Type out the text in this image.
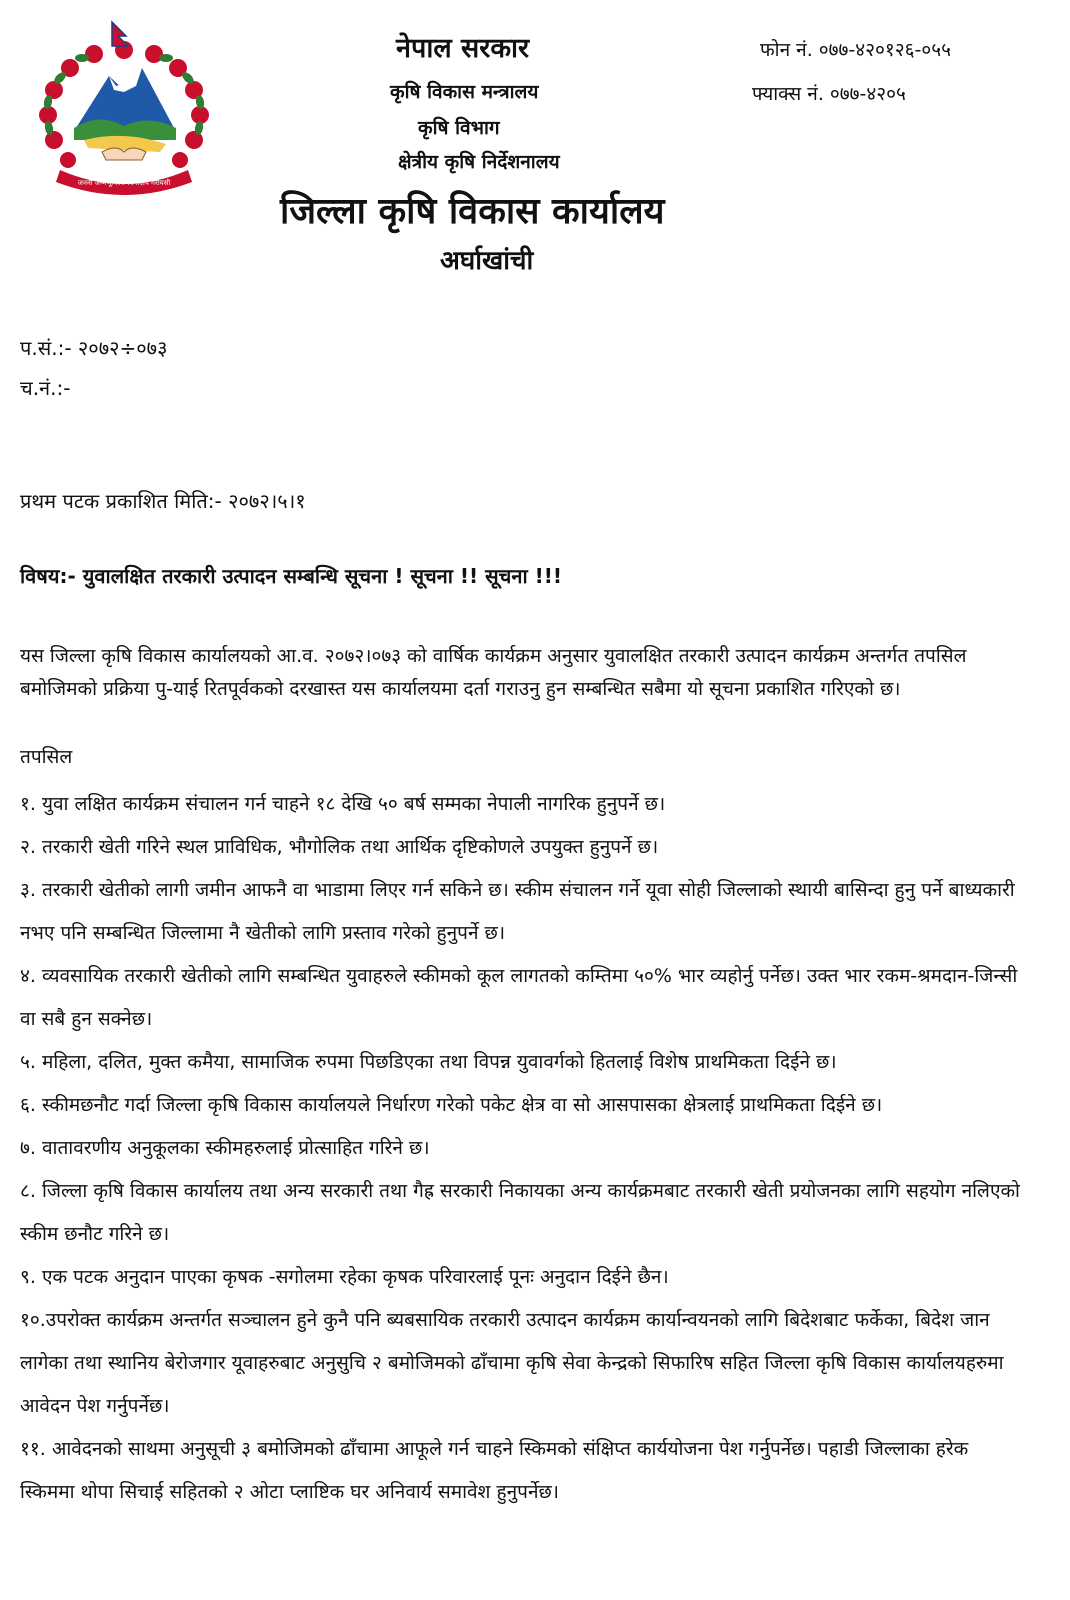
जननी जन्मभूमिश्च स्वर्गादपि गरीयसी
नेपाल सरकार
कृषि विकास मन्त्रालय
कृषि विभाग
क्षेत्रीय कृषि निर्देशनालय
जिल्ला कृषि विकास कार्यालय
अर्घाखांची
फोन नं. ०७७-४२०१२६-०५५
फ्याक्स नं. ०७७-४२०५
प.सं.:- २०७२÷०७३
च.नं.:-
प्रथम पटक प्रकाशित मिति:- २०७२।५।१
विषय:- युवालक्षित तरकारी उत्पादन सम्बन्धि सूचना ! सूचना !! सूचना !!!
यस जिल्ला कृषि विकास कार्यालयको आ.व. २०७२।०७३ को वार्षिक कार्यक्रम अनुसार युवालक्षित तरकारी उत्पादन कार्यक्रम अन्तर्गत तपसिल बमोजिमको प्रक्रिया पु-याई रितपूर्वकको दरखास्त यस कार्यालयमा दर्ता गराउनु हुन सम्बन्धित सबैमा यो सूचना प्रकाशित गरिएको छ।
तपसिल
१. युवा लक्षित कार्यक्रम संचालन गर्न चाहने १८ देखि ५० बर्ष सम्मका नेपाली नागरिक हुनुपर्ने छ।
२. तरकारी खेती गरिने स्थल प्राविधिक, भौगोलिक तथा आर्थिक दृष्टिकोणले उपयुक्त हुनुपर्ने छ।
३. तरकारी खेतीको लागी जमीन आफनै वा भाडामा लिएर गर्न सकिने छ। स्कीम संचालन गर्ने यूवा सोही जिल्लाको स्थायी बासिन्दा हुनु पर्ने बाध्यकारी नभए पनि सम्बन्धित जिल्लामा नै खेतीको लागि प्रस्ताव गरेको हुनुपर्ने छ।
४. व्यवसायिक तरकारी खेतीको लागि सम्बन्धित युवाहरुले स्कीमको कूल लागतको कम्तिमा ५०% भार व्यहोर्नु पर्नेछ। उक्त भार रकम-श्रमदान-जिन्सी वा सबै हुन सक्नेछ।
५. महिला, दलित, मुक्त कमैया, सामाजिक रुपमा पिछडिएका तथा विपन्न युवावर्गको हितलाई विशेष प्राथमिकता दिईने छ।
६. स्कीमछनौट गर्दा जिल्ला कृषि विकास कार्यालयले निर्धारण गरेको पकेट क्षेत्र वा सो आसपासका क्षेत्रलाई प्राथमिकता दिईने छ।
७. वातावरणीय अनुकूलका स्कीमहरुलाई प्रोत्साहित गरिने छ।
८. जिल्ला कृषि विकास कार्यालय तथा अन्य सरकारी तथा गैह्र सरकारी निकायका अन्य कार्यक्रमबाट तरकारी खेती प्रयोजनका लागि सहयोग नलिएको स्कीम छनौट गरिने छ।
९. एक पटक अनुदान पाएका कृषक -सगोलमा रहेका कृषक परिवारलाई पूनः अनुदान दिईने छैन।
१०.उपरोक्त कार्यक्रम अन्तर्गत सञ्चालन हुने कुनै पनि ब्यबसायिक तरकारी उत्पादन कार्यक्रम कार्यान्वयनको लागि बिदेशबाट फर्केका, बिदेश जान लागेका तथा स्थानिय बेरोजगार यूवाहरुबाट अनुसुचि २ बमोजिमको ढाँचामा कृषि सेवा केन्द्रको सिफारिष सहित जिल्ला कृषि विकास कार्यालयहरुमा आवेदन पेश गर्नुपर्नेछ।
११. आवेदनको साथमा अनुसूची ३ बमोजिमको ढाँचामा आफूले गर्न चाहने स्किमको संक्षिप्त कार्ययोजना पेश गर्नुपर्नेछ। पहाडी जिल्लाका हरेक स्किममा थोपा सिचाई सहितको २ ओटा प्लाष्टिक घर अनिवार्य समावेश हुनुपर्नेछ।
